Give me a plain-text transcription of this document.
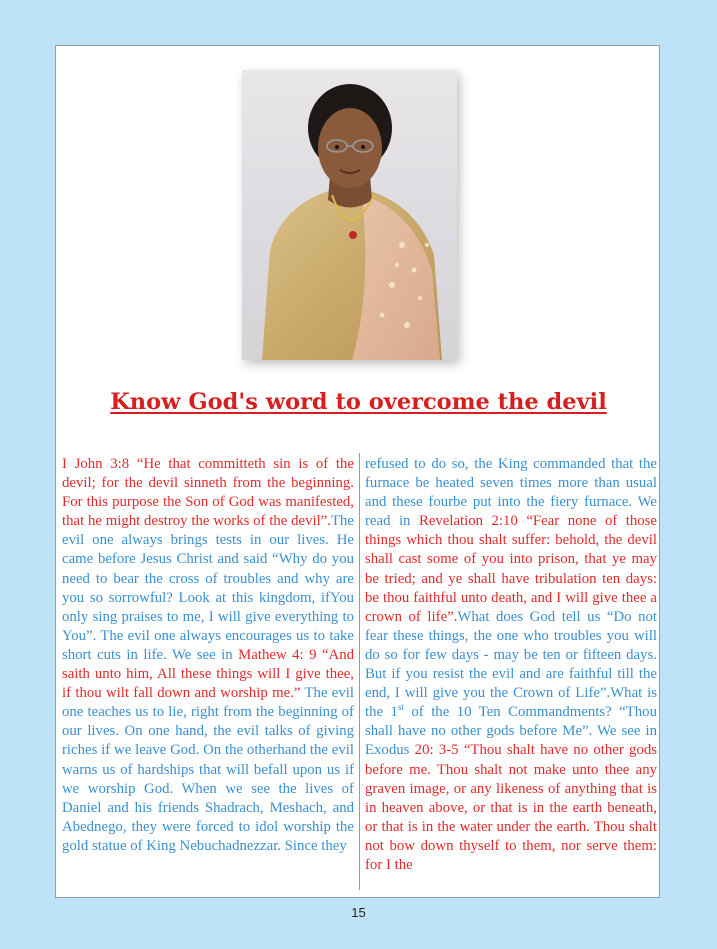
Know God's word to overcome the devil
I John 3:8 “He that committeth sin is of the devil; for the devil sinneth from the beginning. For this purpose the Son of God was manifested, that he might destroy the works of the devil”.The evil one always brings tests in our lives. He came before Jesus Christ and said “Why do you need to bear the cross of troubles and why are you so sorrowful? Look at this kingdom, ifYou only sing praises to me, I will give everything to You”. The evil one always encourages us to take short cuts in life. We see in Mathew 4: 9 “And saith unto him, All these things will I give thee, if thou wilt fall down and worship me.” The evil one teaches us to lie, right from the beginning of our lives. On one hand, the evil talks of giving riches if we leave God. On the otherhand the evil warns us of hardships that will befall upon us if we worship God. When we see the lives of Daniel and his friends Shadrach, Meshach, and Abednego, they were forced to idol worship the gold statue of King Nebuchadnezzar. Since they
refused to do so, the King commanded that the furnace be heated seven times more than usual and these fourbe put into the fiery furnace. We read in Revelation 2:10 “Fear none of those things which thou shalt suffer: behold, the devil shall cast some of you into prison, that ye may be tried; and ye shall have tribulation ten days: be thou faithful unto death, and I will give thee a crown of life”.What does God tell us “Do not fear these things, the one who troubles you will do so for few days - may be ten or fifteen days. But if you resist the evil and are faithful till the end, I will give you the Crown of Life”.What is the 1st of the 10 Ten Commandments? “Thou shall have no other gods before Me”. We see in Exodus 20: 3-5 “Thou shalt have no other gods before me. Thou shalt not make unto thee any graven image, or any likeness of anything that is in heaven above, or that is in the earth beneath, or that is in the water under the earth. Thou shalt not bow down thyself to them, nor serve them: for I the
15
